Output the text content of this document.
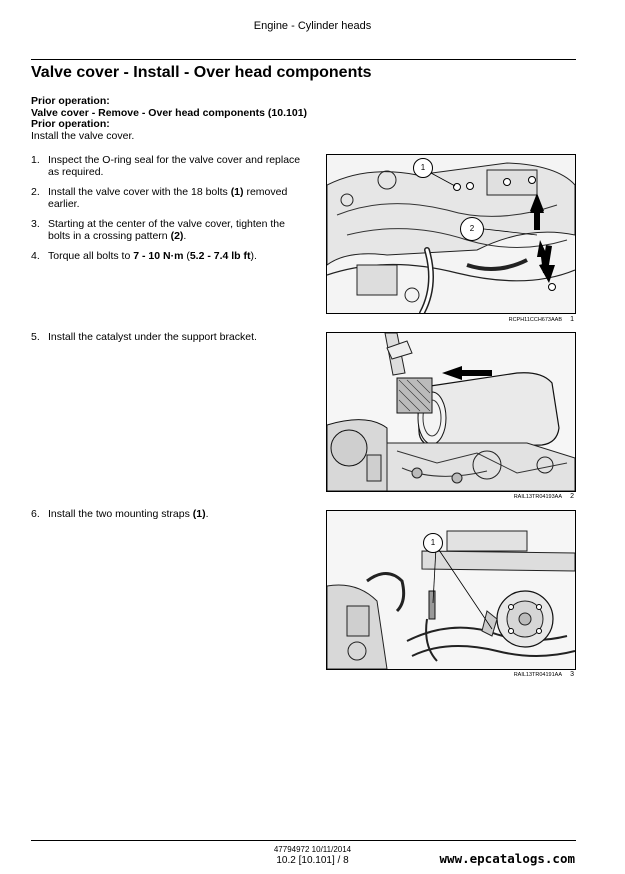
Engine - Cylinder heads
Valve cover - Install - Over head components
Prior operation:
Valve cover - Remove - Over head components (10.101)
Prior operation:
Install the valve cover.
1. Inspect the O-ring seal for the valve cover and replace as required.
2. Install the valve cover with the 18 bolts (1) removed earlier.
3. Starting at the center of the valve cover, tighten the bolts in a crossing pattern (2).
4. Torque all bolts to 7 - 10 N·m (5.2 - 7.4 lb ft).
5. Install the catalyst under the support bracket.
6. Install the two mounting straps (1).
1
2
RCPH11CCH673AAB 1
RAIL13TR04193AA 2
1
RAIL13TR04191AA 3
47794972 10/11/2014
10.2 [10.101] / 8	www.epcatalogs.com
